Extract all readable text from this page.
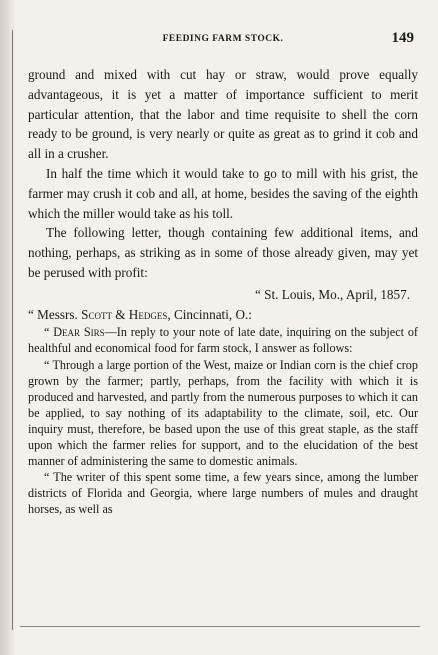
FEEDING FARM STOCK.	149

ground and mixed with cut hay or straw, would prove equally advantageous, it is yet a matter of importance sufficient to merit particular attention, that the labor and time requisite to shell the corn ready to be ground, is very nearly or quite as great as to grind it cob and all in a crusher.

In half the time which it would take to go to mill with his grist, the farmer may crush it cob and all, at home, besides the saving of the eighth which the miller would take as his toll.

The following letter, though containing few additional items, and nothing, perhaps, as striking as in some of those already given, may yet be perused with profit:

“ St. Louis, Mo., April, 1857.

“ Messrs. Scott & Hedges, Cincinnati, O.:

“ Dear Sirs—In reply to your note of late date, inquiring on the subject of healthful and economical food for farm stock, I answer as follows:

“ Through a large portion of the West, maize or Indian corn is the chief crop grown by the farmer; partly, perhaps, from the facility with which it is produced and harvested, and partly from the numerous purposes to which it can be applied, to say nothing of its adaptability to the climate, soil, etc. Our inquiry must, therefore, be based upon the use of this great staple, as the staff upon which the farmer relies for support, and to the elucidation of the best manner of administering the same to domestic animals.

“ The writer of this spent some time, a few years since, among the lumber districts of Florida and Georgia, where large numbers of mules and draught horses, as well as
